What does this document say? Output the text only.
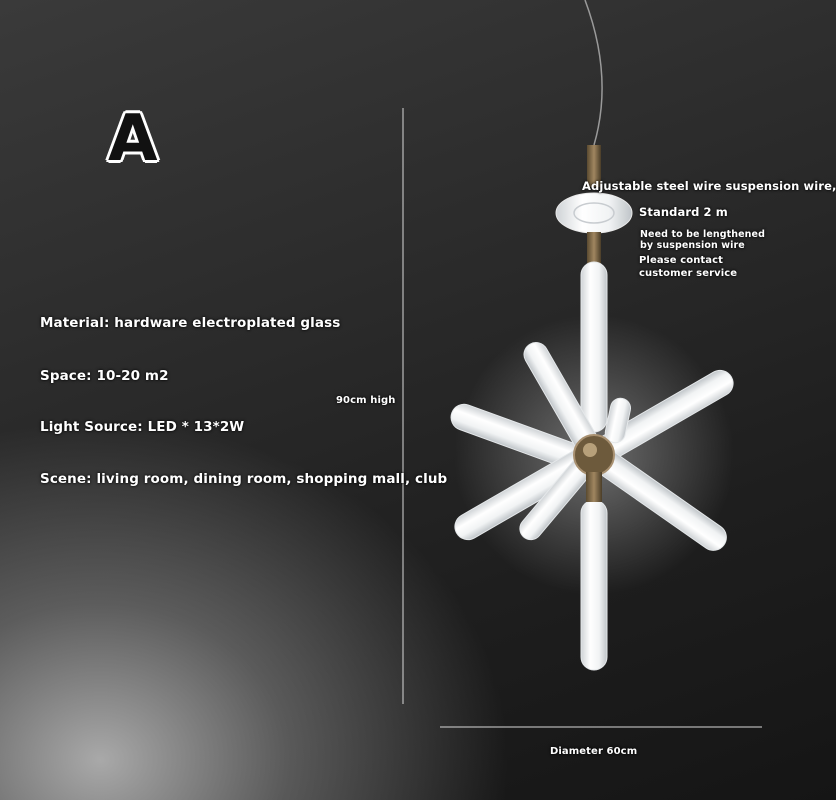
A
Material: hardware electroplated glass
Space: 10-20 m2
Light Source: LED * 13*2W
Scene: living room, dining room, shopping mall, club
90cm high
Diameter 60cm
Adjustable steel wire suspension wire,
Standard 2 m
Need to be lengthened
by suspension wire
Please contact
customer service
